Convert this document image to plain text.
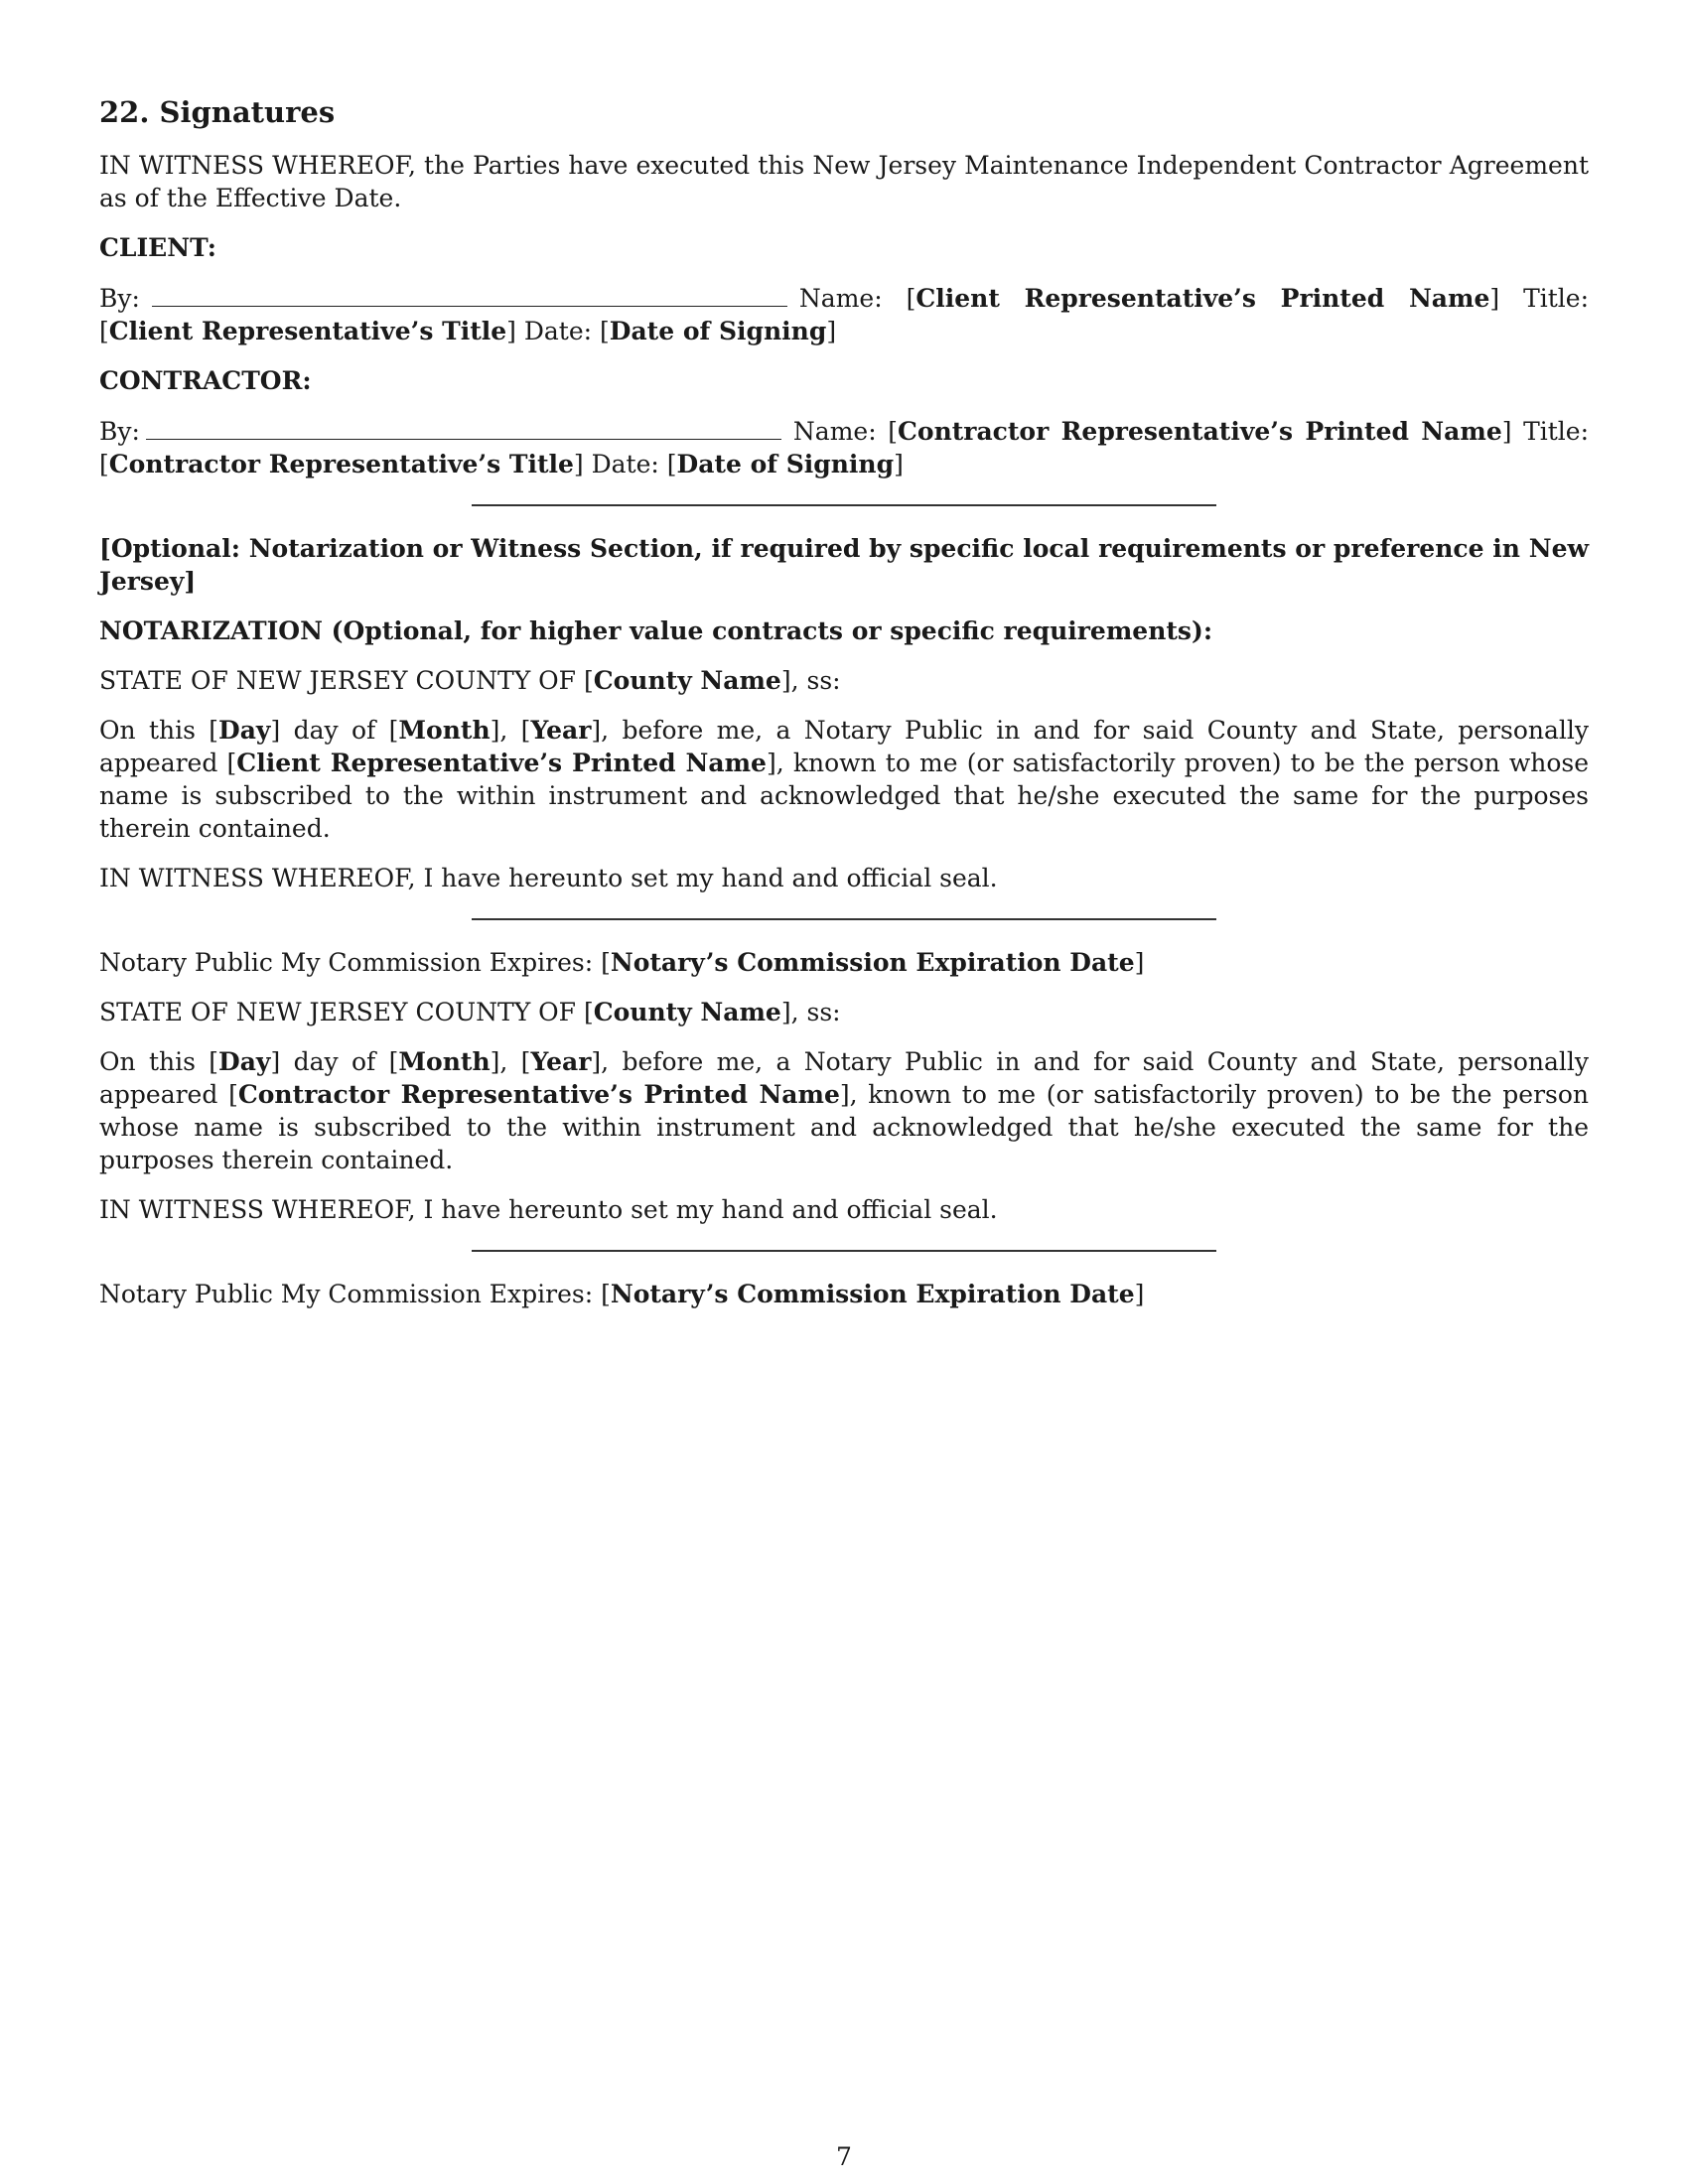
22. Signatures

IN WITNESS WHEREOF, the Parties have executed this New Jersey Maintenance Independent Contractor Agreement as of the Effective Date.

CLIENT:

By:	Name: [Client Representative’s Printed Name] Title: [Client Representative’s Title] Date: [Date of Signing]

CONTRACTOR:

By:	Name: [Contractor Representative’s Printed Name] Title: [Contractor Representative’s Title] Date: [Date of Signing]

[Optional: Notarization or Witness Section, if required by specific local requirements or preference in New Jersey]

NOTARIZATION (Optional, for higher value contracts or specific requirements):

STATE OF NEW JERSEY COUNTY OF [County Name], ss:

On this [Day] day of [Month], [Year], before me, a Notary Public in and for said County and State, personally appeared [Client Representative’s Printed Name], known to me (or satisfactorily proven) to be the person whose name is subscribed to the within instrument and acknowledged that he/she executed the same for the purposes therein contained.

IN WITNESS WHEREOF, I have hereunto set my hand and official seal.

Notary Public My Commission Expires: [Notary’s Commission Expiration Date]

STATE OF NEW JERSEY COUNTY OF [County Name], ss:

On this [Day] day of [Month], [Year], before me, a Notary Public in and for said County and State, personally appeared [Contractor Representative’s Printed Name], known to me (or satisfactorily proven) to be the person whose name is subscribed to the within instrument and acknowledged that he/she executed the same for the purposes therein contained.

IN WITNESS WHEREOF, I have hereunto set my hand and official seal.

Notary Public My Commission Expires: [Notary’s Commission Expiration Date]

7
